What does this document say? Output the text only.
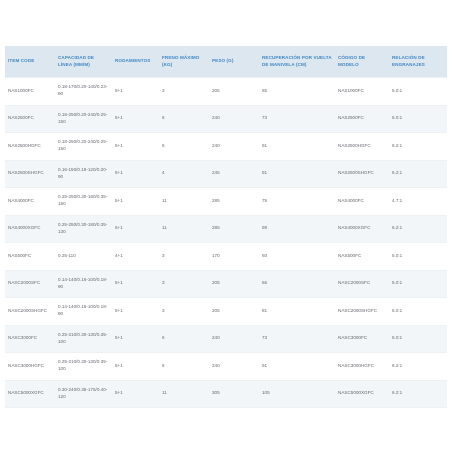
ITEM CODE	CAPACIDAD DE LÍNEA (MM/M)	RODAMIENTOS	FRENO MÁXIMO (KG)	PESO (G)	RECUPERACIÓN POR VUELTA DE MANIVELA (CM)	CÓDIGO DE MODELO	RELACIÓN DE ENGRANAJES
NAS1000FC	0.18-170/0.20-140/0.23-90	5+1	3	205	65	NAS1000FC	5.0:1
NAS2500FC	0.18-250/0.20-240/0.25-150	5+1	6	240	73	NAS2500FC	5.0:1
NAS2500HGFC	0.18-250/0.20-240/0.25-150	5+1	6	240	91	NAS2500HGFC	6.2:1
NAS2500SHGFC	0.16-150/0.18-120/0.20-90	5+1	4	245	91	NAS2500SHGFC	6.2:1
NAS4000FC	0.25-250/0.30-180/0.35-150	5+1	11	285	75	NAS4000FC	4.7:1
NAS4000XGFC	0.25-250/0.30-180/0.35-130	5+1	11	285	99	NAS4000XGFC	6.2:1
NAS500FC	0.25-110	4+1	3	170	60	NAS500FC	5.0:1
NASC2000SFC	0.14-140/0.16-100/0.18-90	5+1	3	205	66	NASC2000SFC	5.0:1
NASC2000SHGFC	0.14-140/0.16-100/0.18-90	5+1	3	205	81	NASC2000SHGFC	6.0:1
NASC3000FC	0.25-210/0.30-130/0.35-100	5+1	6	240	73	NASC3000FC	5.0:1
NASC3000HGFC	0.25-210/0.30-130/0.35-100	5+1	6	240	91	NASC3000HGFC	6.2:1
NASC5000XGFC	0.30-240/0.35-175/0.40-120	5+1	11	305	105	NASC5000XGFC	6.2:1
